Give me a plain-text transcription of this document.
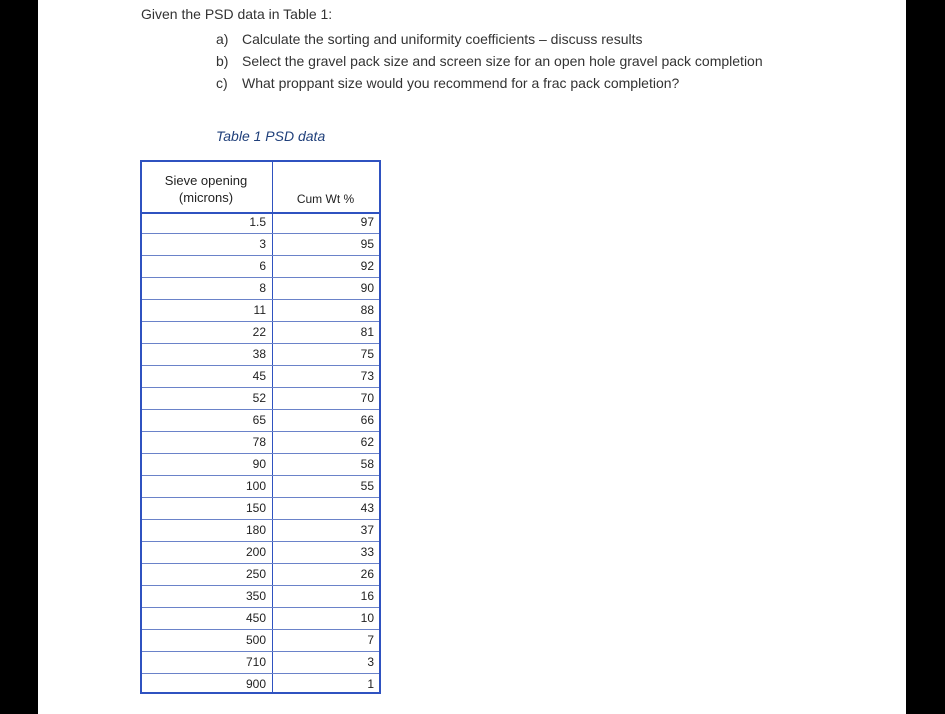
Given the PSD data in Table 1:
a) Calculate the sorting and uniformity coefficients – discuss results
b) Select the gravel pack size and screen size for an open hole gravel pack completion
c) What proppant size would you recommend for a frac pack completion?
Table 1 PSD data
Sieve opening
(microns)	Cum Wt %
1.5	97
3	95
6	92
8	90
11	88
22	81
38	75
45	73
52	70
65	66
78	62
90	58
100	55
150	43
180	37
200	33
250	26
350	16
450	10
500	7
710	3
900	1
